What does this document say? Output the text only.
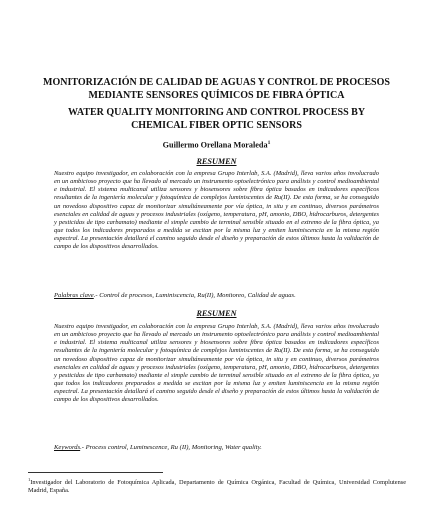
MONITORIZACIÓN DE CALIDAD DE AGUAS Y CONTROL DE PROCESOS MEDIANTE SENSORES QUÍMICOS DE FIBRA ÓPTICA
WATER QUALITY MONITORING AND CONTROL PROCESS BY CHEMICAL FIBER OPTIC SENSORS

Guillermo Orellana Moraleda$^1$

RESUMEN

Nuestro equipo investigador, en colaboración con la empresa Grupo Interlab, S.A. (Madrid), lleva varios años involucrado en un ambicioso proyecto que ha llevado al mercado un instrumento optoelectrónico para análisis y control medioambiental e industrial. El sistema multicanal utiliza sensores y biosensores sobre fibra óptica basados en indicadores específicos resultantes de la ingeniería molecular y fotoquímica de complejos luminiscentes de Ru(II). De esta forma, se ha conseguido un novedoso dispositivo capaz de monitorizar simultáneamente por vía óptica, in situ y en continuo, diversos parámetros esenciales en calidad de aguas y procesos industriales (oxígeno, temperatura, pH, amonio, DBO, hidrocarburos, detergentes y pesticidas de tipo carbamato) mediante el simple cambio de terminal sensible situado en el extremo de la fibra óptica, ya que todos los indicadores preparados a medida se excitan por la misma luz y emiten luminiscencia en la misma región espectral. La presentación detallará el camino seguido desde el diseño y preparación de estos últimos hasta la validación de campo de los dispositivos desarrollados.

Palabras clave.- Control de procesos, Luminiscencia, Ru(II), Monitoreo, Calidad de aguas.

RESUMEN

Nuestro equipo investigador, en colaboración con la empresa Grupo Interlab, S.A. (Madrid), lleva varios años involucrado en un ambicioso proyecto que ha llevado al mercado un instrumento optoelectrónico para análisis y control medioambiental e industrial. El sistema multicanal utiliza sensores y biosensores sobre fibra óptica basados en indicadores específicos resultantes de la ingeniería molecular y fotoquímica de complejos luminiscentes de Ru(II). De esta forma, se ha conseguido un novedoso dispositivo capaz de monitorizar simultáneamente por vía óptica, in situ y en continuo, diversos parámetros esenciales en calidad de aguas y procesos industriales (oxígeno, temperatura, pH, amonio, DBO, hidrocarburos, detergentes y pesticidas de tipo carbamato) mediante el simple cambio de terminal sensible situado en el extremo de la fibra óptica, ya que todos los indicadores preparados a medida se excitan por la misma luz y emiten luminiscencia en la misma región espectral. La presentación detallará el camino seguido desde el diseño y preparación de estos últimos hasta la validación de campo de los dispositivos desarrollados.

Keywords.- Process control, Luminescence, Ru (II), Monitoring, Water quality.

$^1$Investigador del Laboratorio de Fotoquímica Aplicada, Departamento de Química Orgánica, Facultad de Química, Universidad Complutense Madrid, España.
